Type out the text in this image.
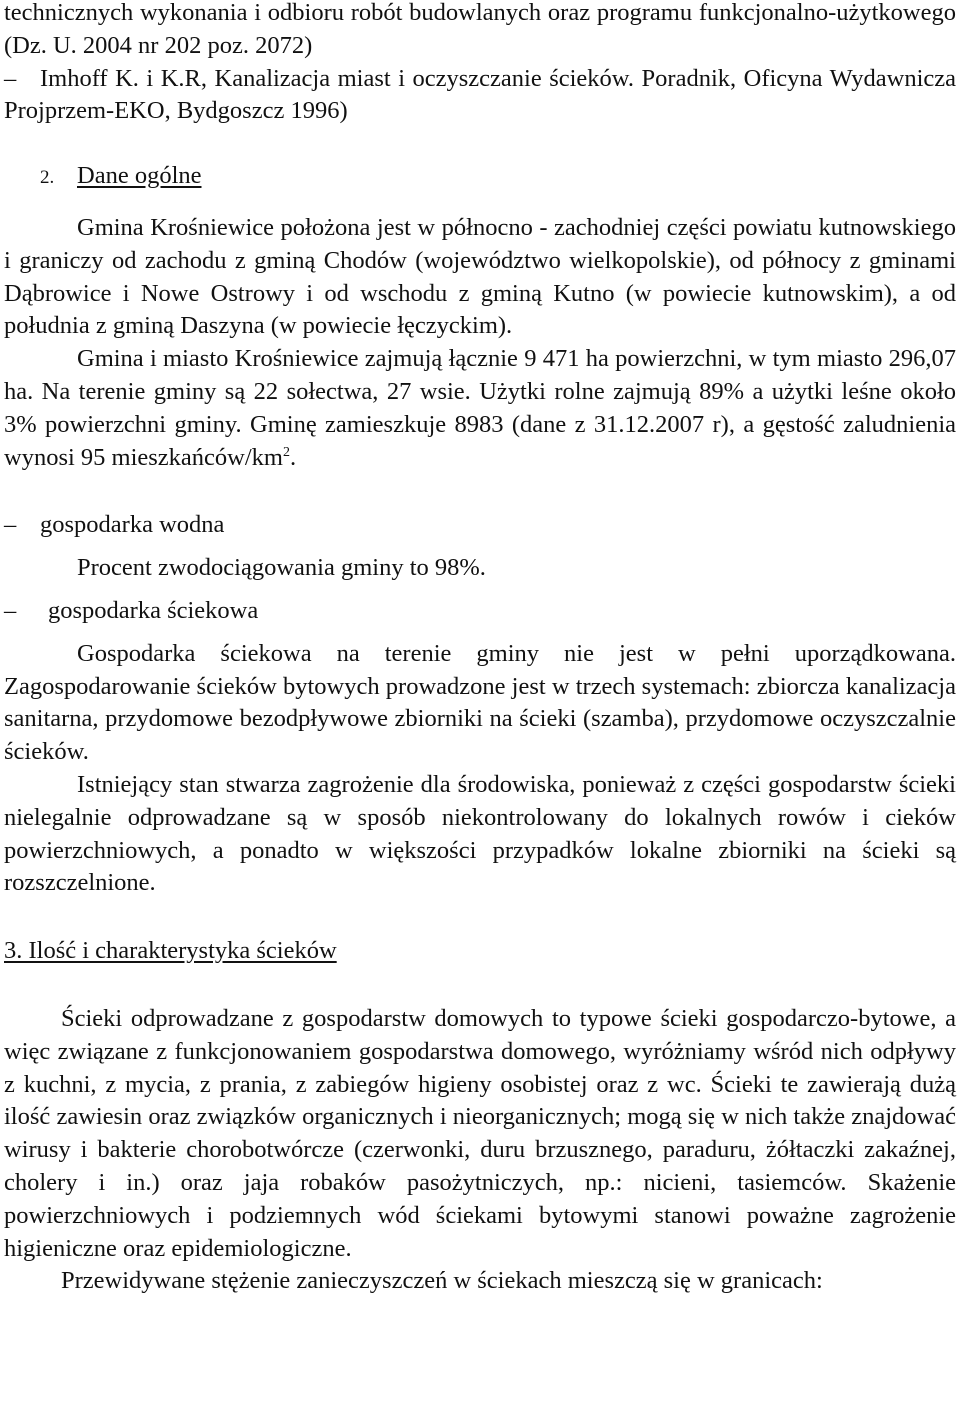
technicznych wykonania i odbioru robót budowlanych oraz programu funkcjonalno-użytkowego (Dz. U. 2004 nr 202 poz. 2072)

– Imhoff K. i K.R, Kanalizacja miast i oczyszczanie ścieków. Poradnik, Oficyna Wydawnicza Projprzem-EKO, Bydgoszcz 1996)
2. Dane ogólne

Gmina Krośniewice położona jest w północno - zachodniej części powiatu kutnowskiego i graniczy od zachodu z gminą Chodów (województwo wielkopolskie), od północy z gminami Dąbrowice i Nowe Ostrowy i od wschodu z gminą Kutno (w powiecie kutnowskim), a od południa z gminą Daszyna (w powiecie łęczyckim).

Gmina i miasto Krośniewice zajmują łącznie 9 471 ha powierzchni, w tym miasto 296,07 ha. Na terenie gminy są 22 sołectwa, 27 wsie. Użytki rolne zajmują 89% a użytki leśne około 3% powierzchni gminy. Gminę zamieszkuje 8983 (dane z 31.12.2007 r), a gęstość zaludnienia wynosi 95 mieszkańców/$km^2$.

– gospodarka wodna

Procent zwodociągowania gminy to 98%.

–	gospodarka ściekowa

Gospodarka ściekowa na terenie gminy nie jest w pełni uporządkowana. Zagospodarowanie ścieków bytowych prowadzone jest w trzech systemach: zbiorcza kanalizacja sanitarna, przydomowe bezodpływowe zbiorniki na ścieki (szamba), przydomowe oczyszczalnie ścieków.

Istniejący stan stwarza zagrożenie dla środowiska, ponieważ z części gospodarstw ścieki nielegalnie odprowadzane są w sposób niekontrolowany do lokalnych rowów i cieków powierzchniowych, a ponadto w większości przypadków lokalne zbiorniki na ścieki są rozszczelnione.

3. Ilość i charakterystyka ścieków

Ścieki odprowadzane z gospodarstw domowych to typowe ścieki gospodarczo-bytowe, a więc związane z funkcjonowaniem gospodarstwa domowego, wyróżniamy wśród nich odpływy z kuchni, z mycia, z prania, z zabiegów higieny osobistej oraz z wc. Ścieki te zawierają dużą ilość zawiesin oraz związków organicznych i nieorganicznych; mogą się w nich także znajdować wirusy i bakterie chorobotwórcze (czerwonki, duru brzusznego, paraduru, żółtaczki zakaźnej, cholery i in.) oraz jaja robaków pasożytniczych, np.: nicieni, tasiemców. Skażenie powierzchniowych i podziemnych wód ściekami bytowymi stanowi poważne zagrożenie higieniczne oraz epidemiologiczne.

Przewidywane stężenie zanieczyszczeń w ściekach mieszczą się w granicach:
